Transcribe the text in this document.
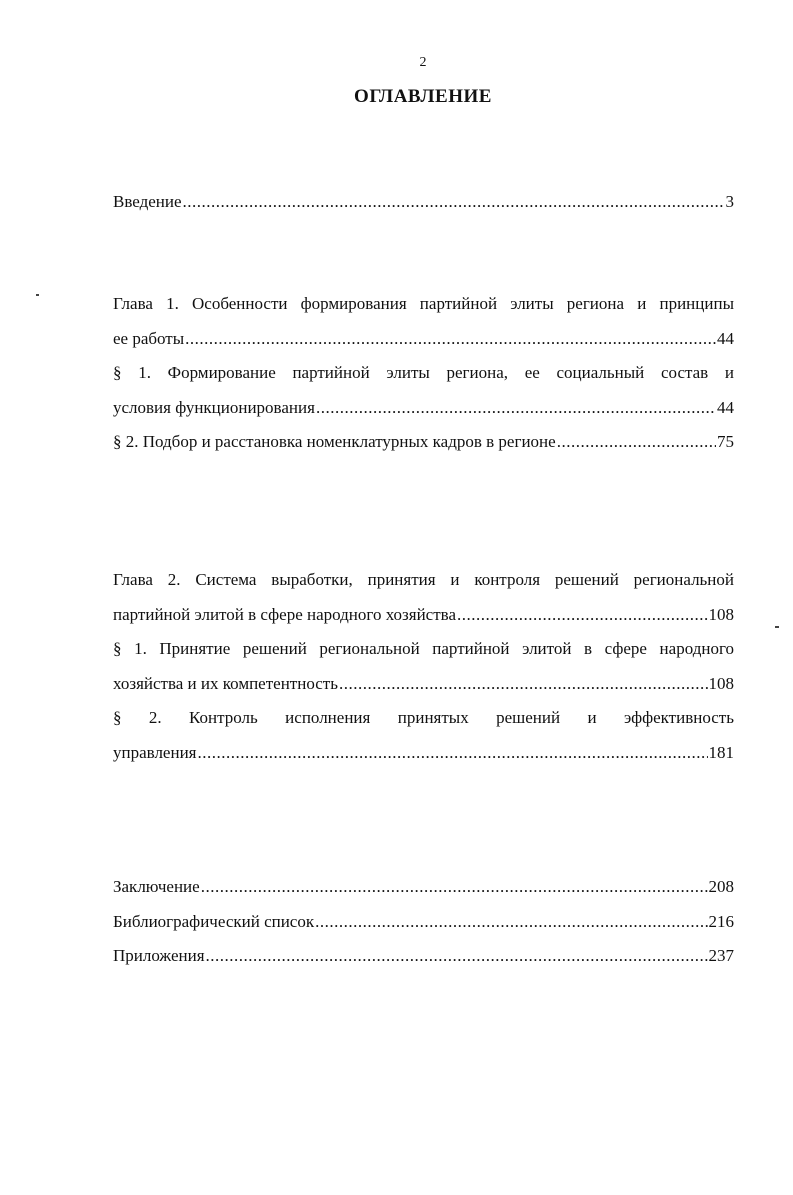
2
ОГЛАВЛЕНИЕ
Введение .....	3
Глава 1. Особенности формирования партийной элиты региона и принципы
ее работы .....	44
§ 1. Формирование партийной элиты региона, ее социальный состав и
условия функционирования .....	44
§ 2. Подбор и расстановка номенклатурных кадров в регионе .....	75
Глава 2. Система выработки, принятия и контроля решений региональной
партийной элитой в сфере народного хозяйства .....	108
§ 1. Принятие решений региональной партийной элитой в сфере народного
хозяйства и их компетентность .....	108
§ 2. Контроль исполнения принятых решений и эффективность
управления .....	181
Заключение .....	208
Библиографический список .....	216
Приложения .....	237
